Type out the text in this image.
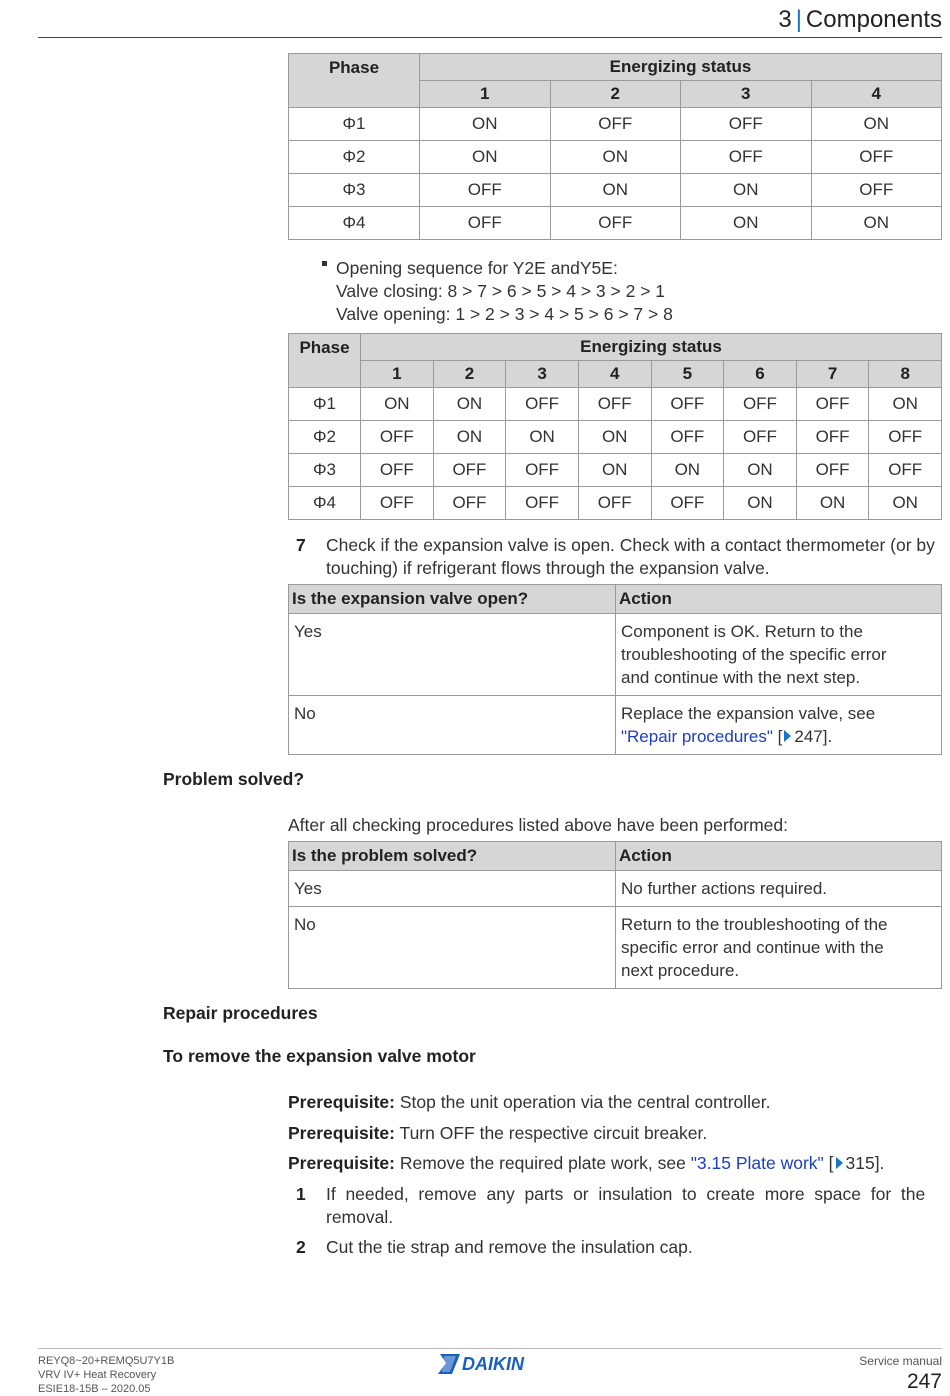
3 | Components
Phase	Energizing status			
	1	2	3	4
Φ1	ON	OFF	OFF	ON
Φ2	ON	ON	OFF	OFF
Φ3	OFF	ON	ON	OFF
Φ4	OFF	OFF	ON	ON
Opening sequence for Y2E andY5E:
Valve closing: 8 > 7 > 6 > 5 > 4 > 3 > 2 > 1
Valve opening: 1 > 2 > 3 > 4 > 5 > 6 > 7 > 8
Phase	Energizing status							
	1	2	3	4	5	6	7	8
Φ1	ON	ON	OFF	OFF	OFF	OFF	OFF	ON
Φ2	OFF	ON	ON	ON	OFF	OFF	OFF	OFF
Φ3	OFF	OFF	OFF	ON	ON	ON	OFF	OFF
Φ4	OFF	OFF	OFF	OFF	OFF	ON	ON	ON
7 Check if the expansion valve is open. Check with a contact thermometer (or by
touching) if refrigerant flows through the expansion valve.
Is the expansion valve open?	Action
Yes	Component is OK. Return to the
troubleshooting of the specific error
and continue with the next step.

No	Replace the expansion valve, see
"Repair procedures" [ 247].
Problem solved?
After all checking procedures listed above have been performed:
Is the problem solved?	Action
Yes	No further actions required.
No	Return to the troubleshooting of the
specific error and continue with the
next procedure.
Repair procedures
To remove the expansion valve motor
Prerequisite: Stop the unit operation via the central controller.
Prerequisite: Turn OFF the respective circuit breaker.
Prerequisite: Remove the required plate work, see "3.15 Plate work" [ 315].
1 If  needed,  remove  any  parts  or  insulation  to  create  more  space  for  the
removal.
2 Cut the tie strap and remove the insulation cap.
REYQ8~20+REMQ5U7Y1B
VRV IV+ Heat Recovery
ESIE18-15B – 2020.05
DAIKIN	Service manual
247
